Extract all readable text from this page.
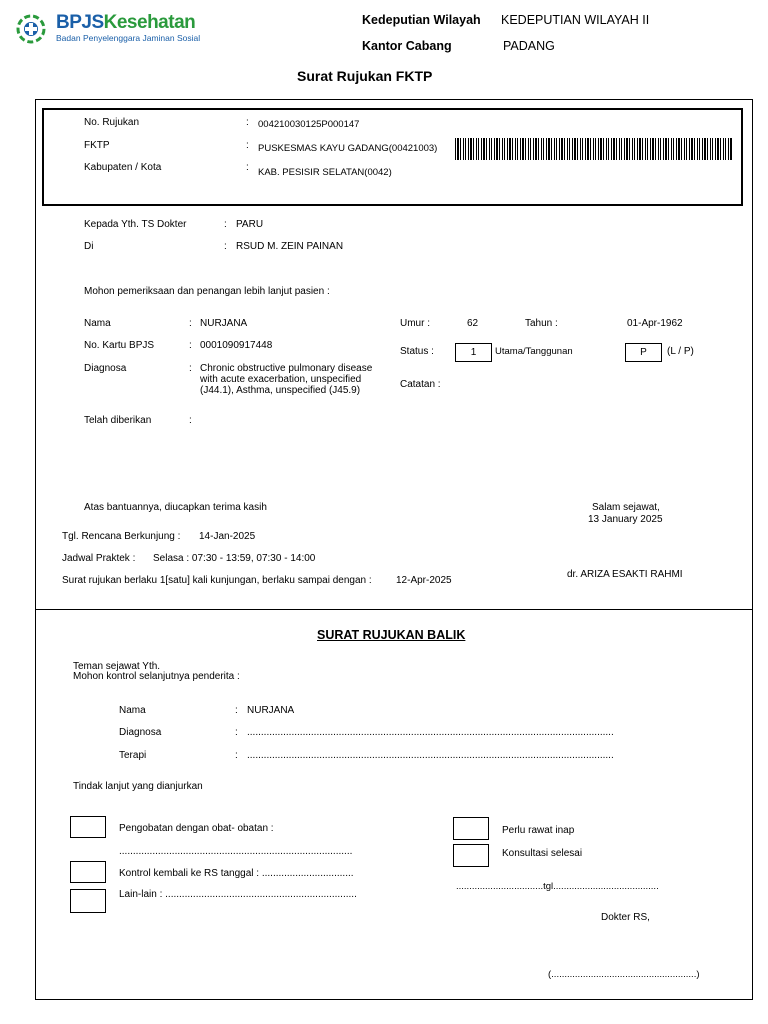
BPJSKesehatan
Badan Penyelenggara Jaminan Sosial
Kedeputian Wilayah KEDEPUTIAN WILAYAH II
Kantor Cabang	PADANG
Surat Rujukan FKTP
No. Rujukan	: 004210030125P000147
FKTP	: PUSKESMAS KAYU GADANG(00421003)
Kabupaten / Kota	: KAB. PESISIR SELATAN(0042)
Kepada Yth. TS Dokter	: PARU
Di	: RSUD M. ZEIN PAINAN
Mohon pemeriksaan dan penangan lebih lanjut pasien :
Nama	: NURJANA
No. Kartu BPJS	: 0001090917448
Diagnosa	: Chronic obstructive pulmonary disease
with acute exacerbation, unspecified
(J44.1), Asthma, unspecified (J45.9)
Telah diberikan	:
Umur :	62	Tahun :	01-Apr-1962
Status :	1	Utama/Tanggunan	P	(L / P)
Catatan :
Atas bantuannya, diucapkan terima kasih	Salam sejawat,
13 January 2025
Tgl. Rencana Berkunjung : 14-Jan-2025
Jadwal Praktek : Selasa : 07:30 - 13:59, 07:30 - 14:00
Surat rujukan berlaku 1[satu] kali kunjungan, berlaku sampai dengan : 12-Apr-2025
dr. ARIZA ESAKTI RAHMI
SURAT RUJUKAN BALIK
Teman sejawat Yth.
Mohon kontrol selanjutnya penderita :
Nama	: NURJANA
Diagnosa	: ....................................................................................................................................
Terapi	: ....................................................................................................................................
Tindak lanjut yang dianjurkan
Pengobatan dengan obat- obatan :
....................................................................................
Kontrol kembali ke RS tanggal : .................................
Lain-lain : .....................................................................
Perlu rawat inap
Konsultasi selesai
.................................tgl........................................
Dokter RS,
(.......................................................)
